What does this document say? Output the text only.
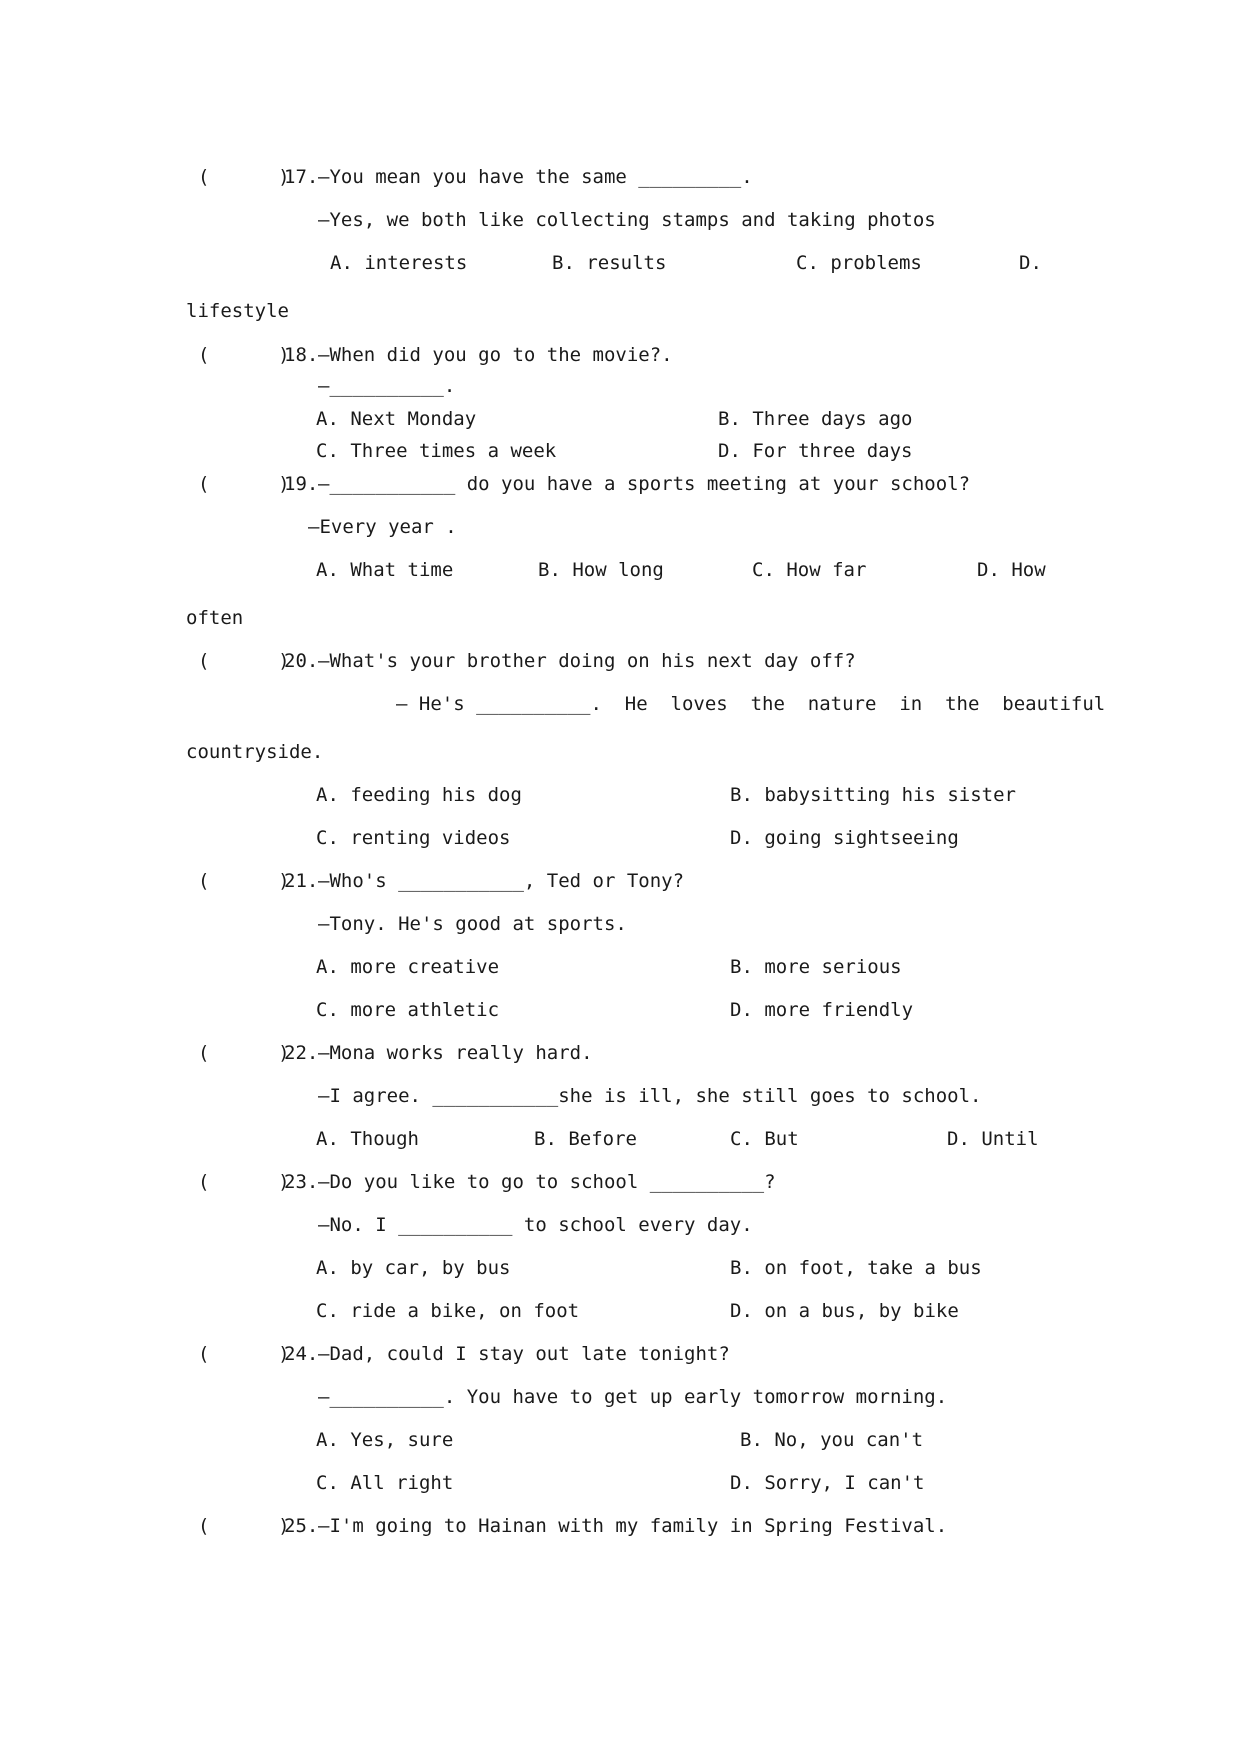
(      )
17. —You mean you have the same _________.
—Yes, we both like collecting stamps and taking photos
A. interests	B. results	C. problems	D.
lifestyle
(      )
18. —When did you go to the movie?.
—__________.
A. Next Monday	B. Three days ago
C. Three times a week	D. For three days
(      )
19. —___________ do you have a sports meeting at your school?
—Every year .
A. What time	B. How long	C. How far	D. How
often
(      )
20. —What's your brother doing on his next day off?
— He's __________.  He  loves  the  nature  in  the  beautiful
countryside.
A. feeding his dog	B. babysitting his sister
C. renting videos	D. going sightseeing
(      )
21. —Who's ___________, Ted or Tony?
—Tony. He's good at sports.
A. more creative	B. more serious
C. more athletic	D. more friendly
(      )
22. —Mona works really hard.
—I agree. ___________she is ill, she still goes to school.
A. Though	B. Before	C. But	D. Until
(      )
23. —Do you like to go to school __________?
—No. I __________ to school every day.
A. by car, by bus	B. on foot, take a bus
C. ride a bike, on foot	D. on a bus, by bike
(      )
24. —Dad, could I stay out late tonight?
—__________. You have to get up early tomorrow morning.
A. Yes, sure	B. No, you can't
C. All right	D. Sorry, I can't
(      )
25. —I'm going to Hainan with my family in Spring Festival.
